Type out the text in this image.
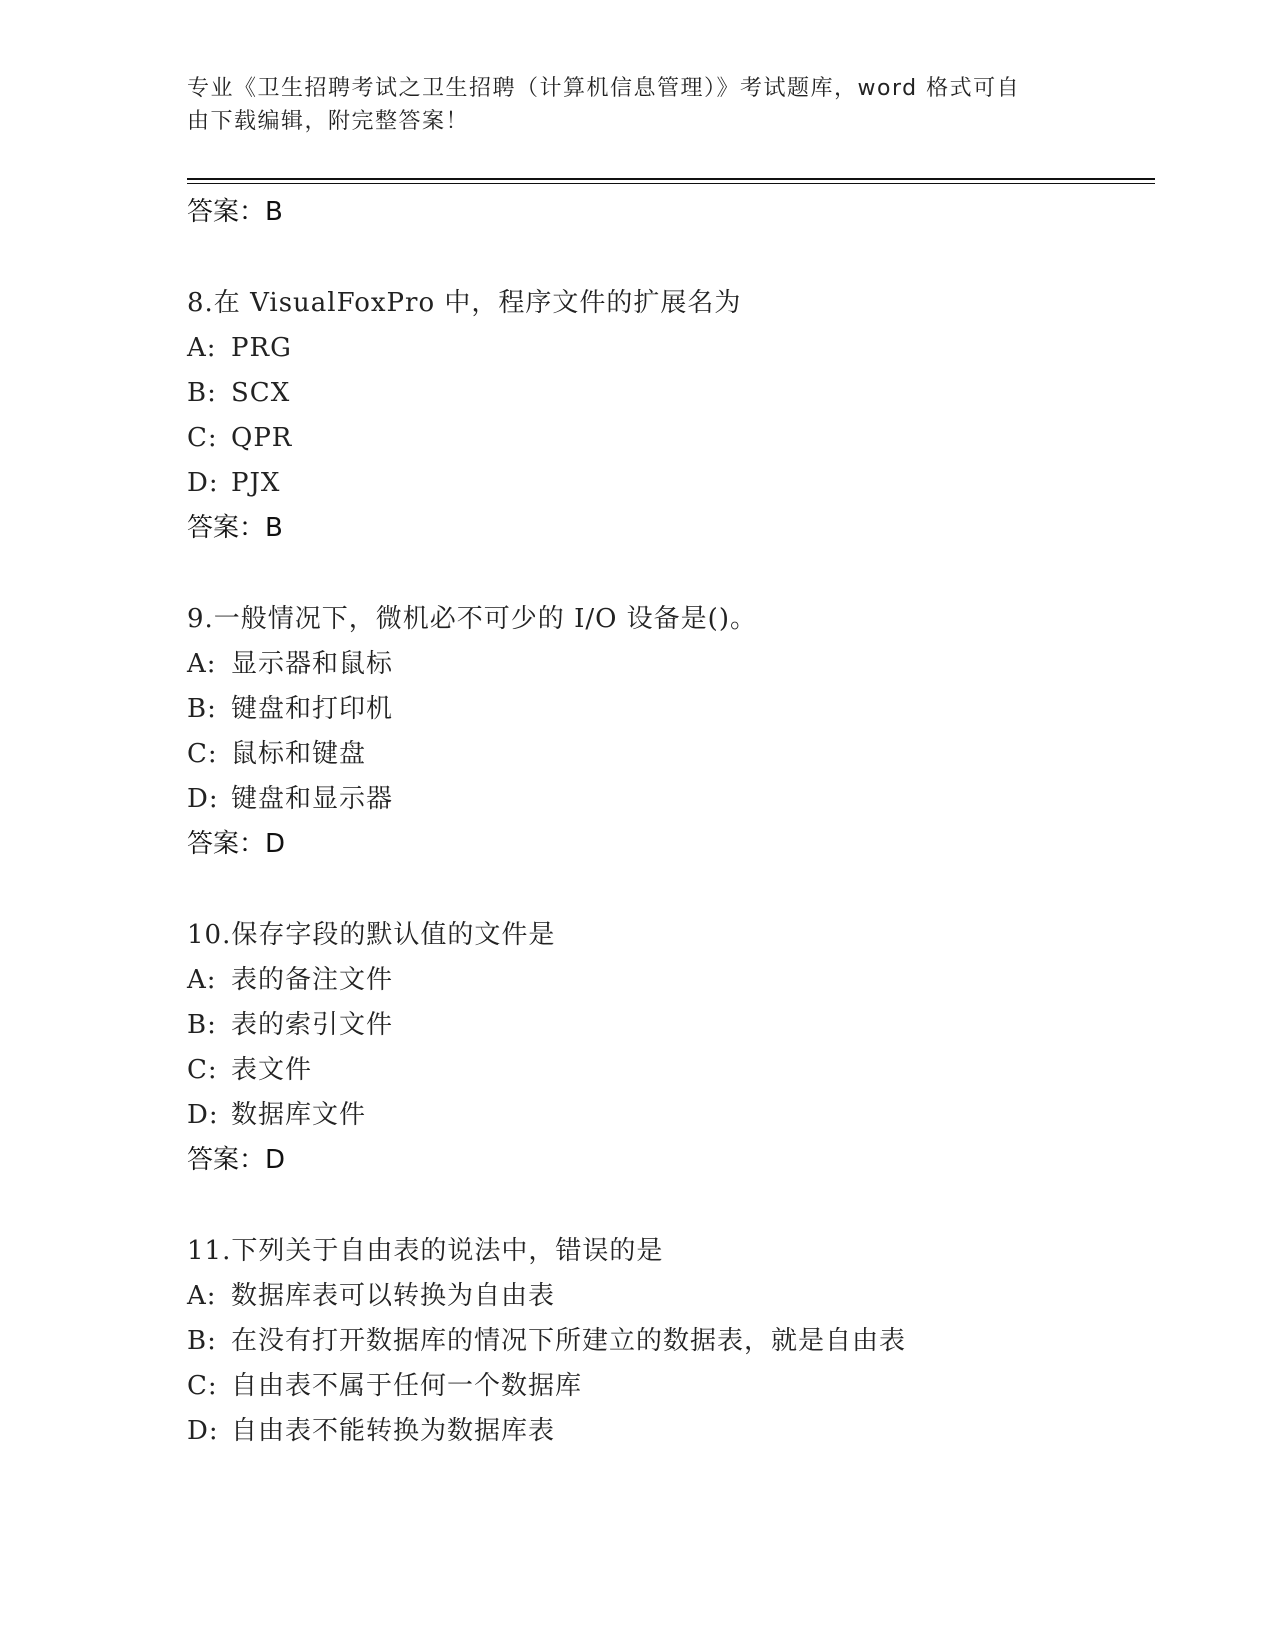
专业《卫生招聘考试之卫生招聘（计算机信息管理）》考试题库，word 格式可自
由下载编辑，附完整答案！
答案：B
8.在 VisualFoxPro 中，程序文件的扩展名为
A: PRG
B: SCX
C: QPR
D: PJX
答案：B
9.一般情况下，微机必不可少的 I/O 设备是()。
A: 显示器和鼠标
B: 键盘和打印机
C: 鼠标和键盘
D: 键盘和显示器
答案：D
10.保存字段的默认值的文件是
A: 表的备注文件
B: 表的索引文件
C: 表文件
D: 数据库文件
答案：D
11.下列关于自由表的说法中，错误的是
A: 数据库表可以转换为自由表
B: 在没有打开数据库的情况下所建立的数据表，就是自由表
C: 自由表不属于任何一个数据库
D: 自由表不能转换为数据库表
